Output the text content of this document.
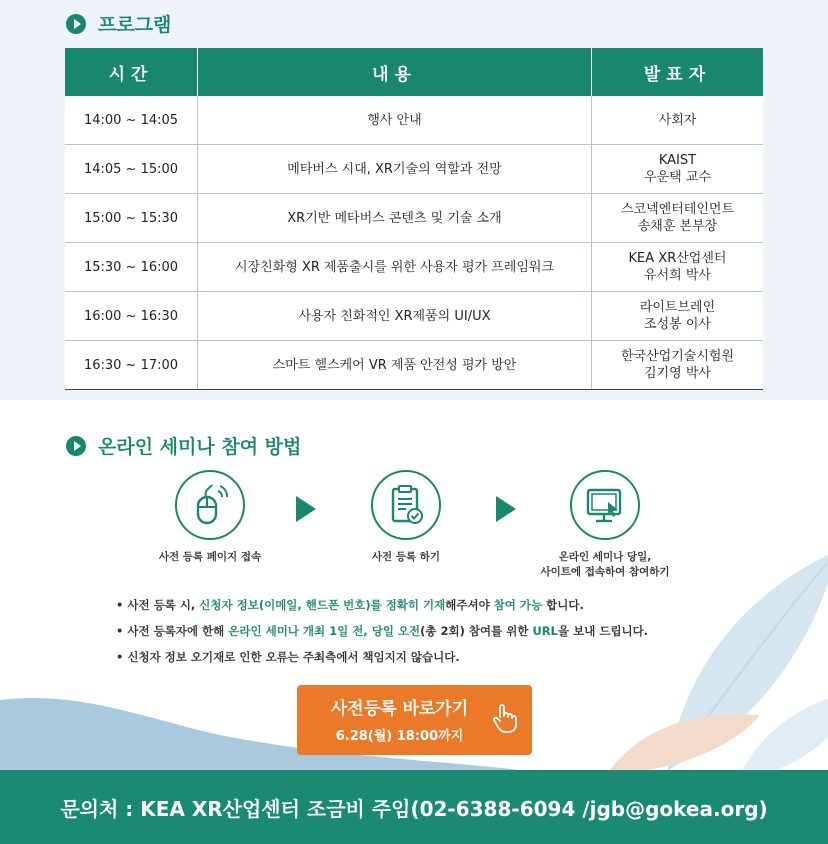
프로그램
시간	내용	발표자
14:00 ~ 14:05	행사 안내	사회자
14:05 ~ 15:00	메타버스 시대, XR기술의 역할과 전망	KAIST
우운택 교수
15:00 ~ 15:30	XR기반 메타버스 콘텐츠 및 기술 소개	스코넥엔터테인먼트
송채훈 본부장
15:30 ~ 16:00	시장친화형 XR 제품출시를 위한 사용자 평가 프레임워크	KEA XR산업센터
유서희 박사
16:00 ~ 16:30	사용자 친화적인 XR제품의 UI/UX	라이트브레인
조성봉 이사
16:30 ~ 17:00	스마트 헬스케어 VR 제품 안전성 평가 방안	한국산업기술시험원
김기영 박사
온라인 세미나 참여 방법
사전 등록 페이지 접속	사전 등록 하기	온라인 세미나 당일,
사이트에 접속하여 참여하기

• 사전 등록 시, 신청자 정보(이메일, 핸드폰 번호)를 정확히 기재해주셔야 참여 가능 합니다.

• 사전 등록자에 한해 온라인 세미나 개최 1일 전, 당일 오전(총 2회) 참여를 위한 URL을 보내 드립니다.

• 신청자 정보 오기재로 인한 오류는 주최측에서 책임지지 않습니다.

사전등록 바로가기
6.28(월) 18:00까지
문의처 : KEA XR산업센터 조금비 주임(02-6388-6094 /jgb@gokea.org)
